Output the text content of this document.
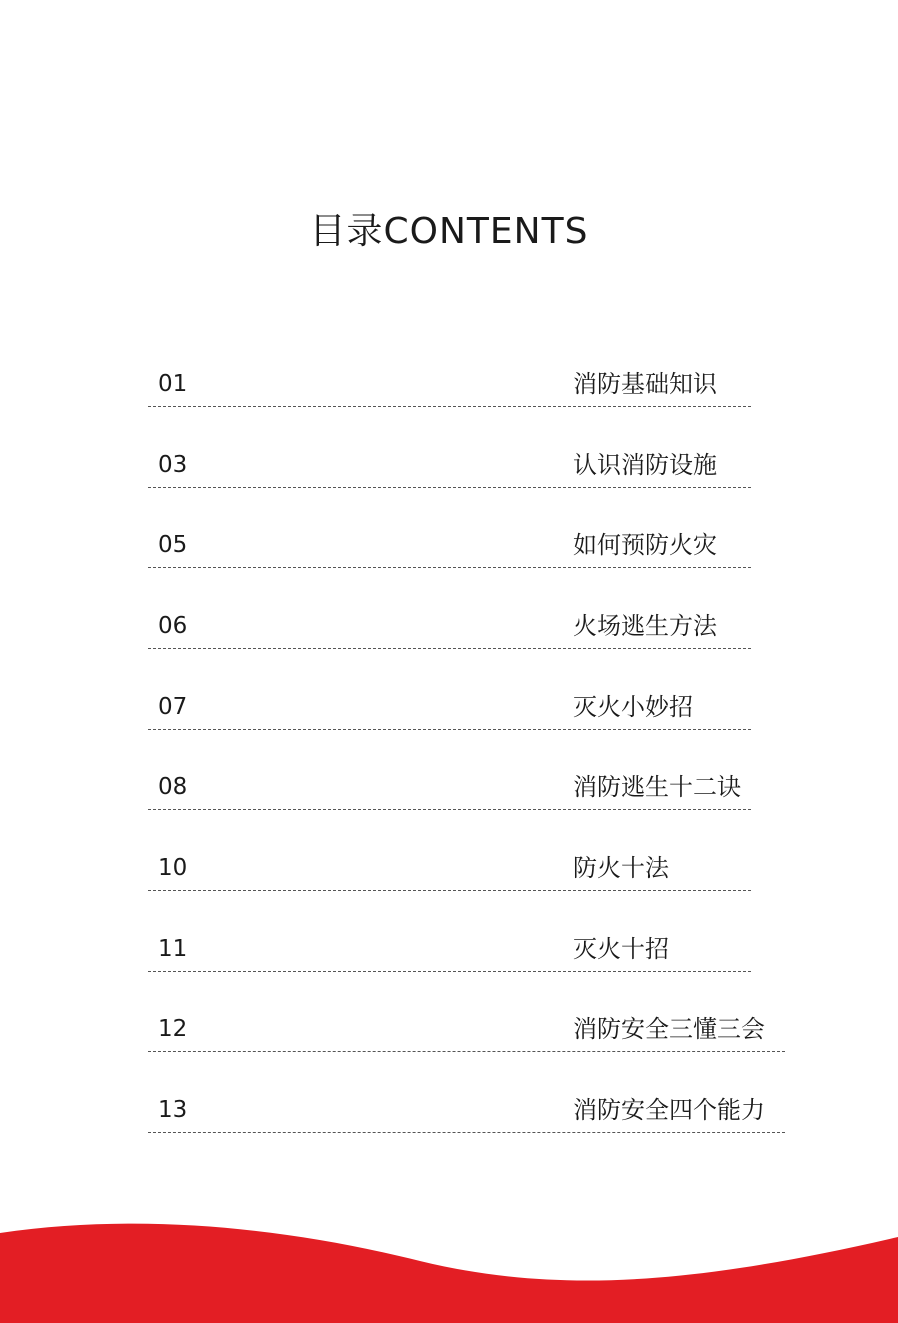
目录CONTENTS
01	消防基础知识
03	认识消防设施
05	如何预防火灾
06	火场逃生方法
07	灭火小妙招
08	消防逃生十二诀
10	防火十法
11	灭火十招
12	消防安全三懂三会
13	消防安全四个能力
